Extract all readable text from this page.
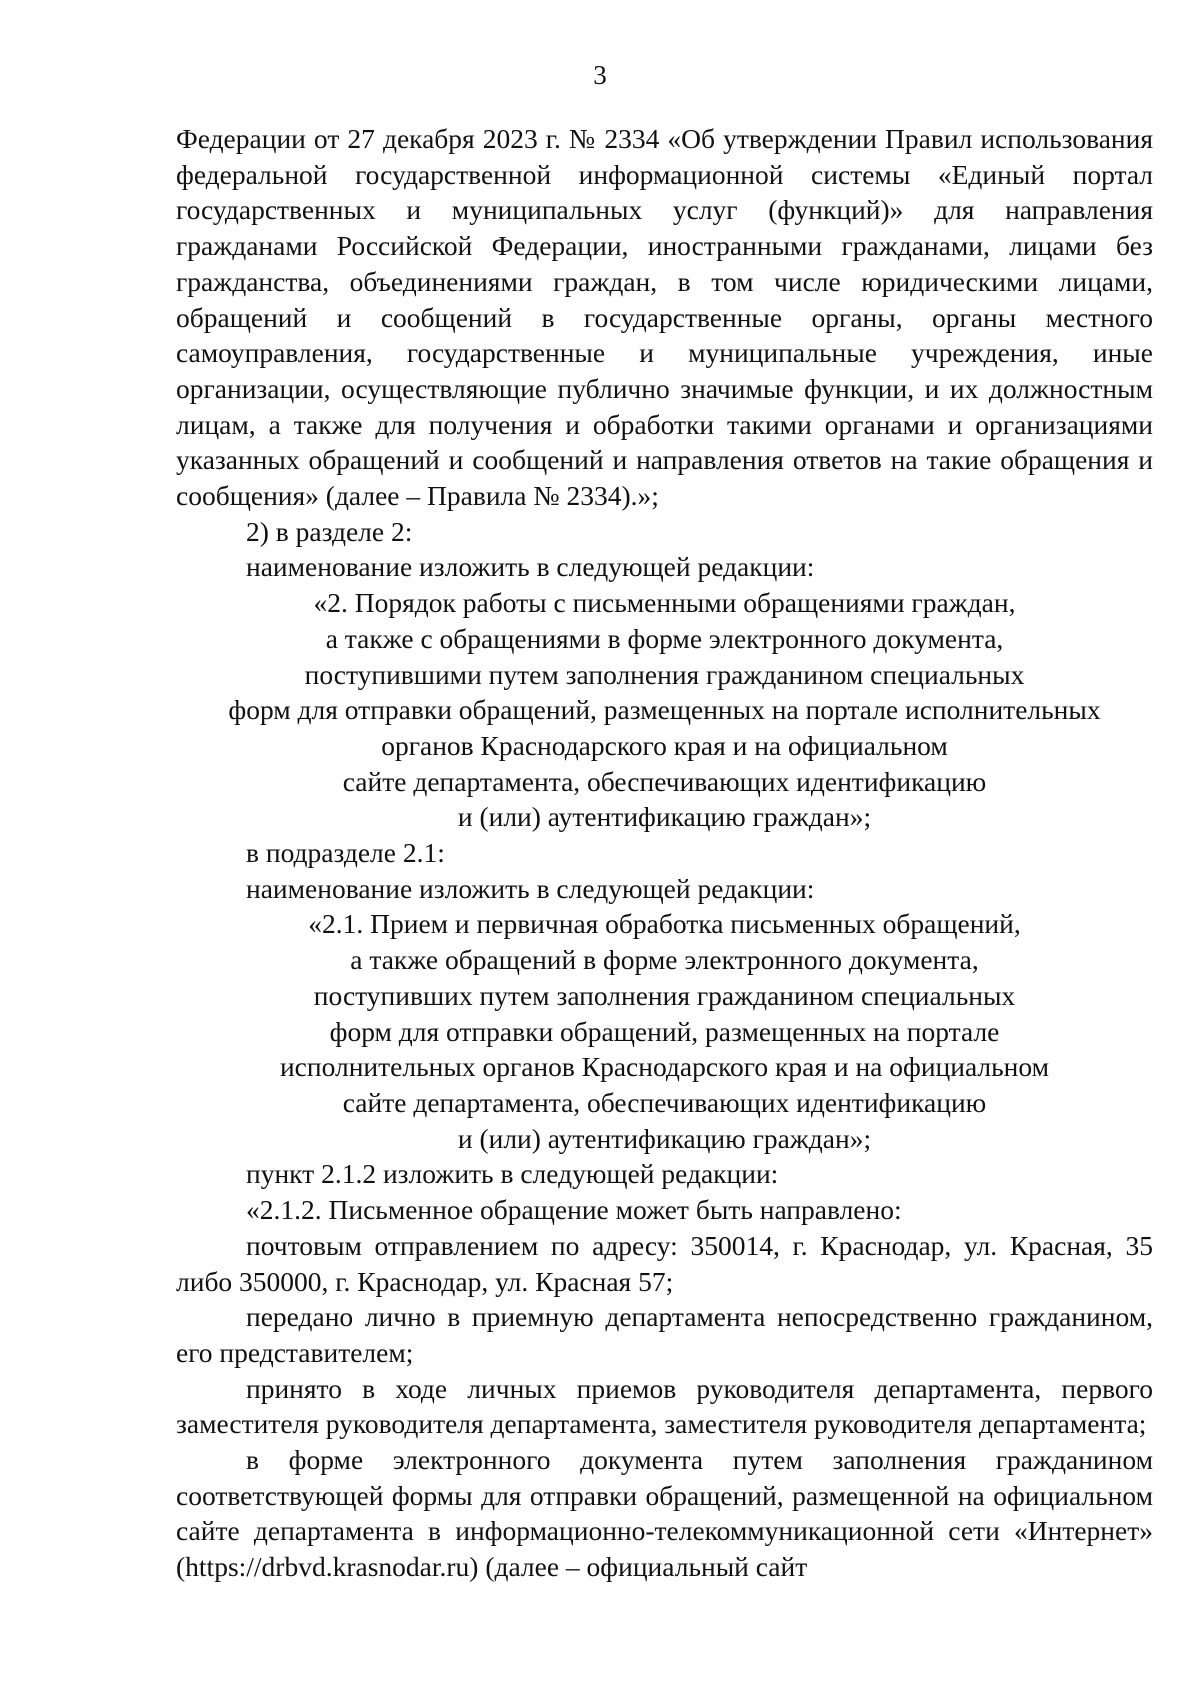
3

Федерации от 27 декабря 2023 г. № 2334 «Об утверждении Правил использования федеральной государственной информационной системы «Единый портал государственных и муниципальных услуг (функций)» для направления гражданами Российской Федерации, иностранными гражданами, лицами без гражданства, объединениями граждан, в том числе юридическими лицами, обращений и сообщений в государственные органы, органы местного самоуправления, государственные и муниципальные учреждения, иные организации, осуществляющие публично значимые функции, и их должностным лицам, а также для получения и обработки такими органами и организациями указанных обращений и сообщений и направления ответов на такие обращения и сообщения» (далее – Правила № 2334).»;

2) в разделе 2:

наименование изложить в следующей редакции:

«2. Порядок работы с письменными обращениями граждан,
а также с обращениями в форме электронного документа,
поступившими путем заполнения гражданином специальных
форм для отправки обращений, размещенных на портале исполнительных
органов Краснодарского края и на официальном
сайте департамента, обеспечивающих идентификацию
и (или) аутентификацию граждан»;

в подразделе 2.1:

наименование изложить в следующей редакции:

«2.1. Прием и первичная обработка письменных обращений,
а также обращений в форме электронного документа,
поступивших путем заполнения гражданином специальных
форм для отправки обращений, размещенных на портале
исполнительных органов Краснодарского края и на официальном
сайте департамента, обеспечивающих идентификацию
и (или) аутентификацию граждан»;

пункт 2.1.2 изложить в следующей редакции:

«2.1.2. Письменное обращение может быть направлено:

почтовым отправлением по адресу: 350014, г. Краснодар, ул. Красная, 35 либо 350000, г. Краснодар, ул. Красная 57;

передано лично в приемную департамента непосредственно гражданином, его представителем;

принято в ходе личных приемов руководителя департамента, первого заместителя руководителя департамента, заместителя руководителя департамента;

в форме электронного документа путем заполнения гражданином соответствующей формы для отправки обращений, размещенной на официальном сайте департамента в информационно-телекоммуникационной сети «Интернет» (https://drbvd.krasnodar.ru) (далее – официальный сайт
